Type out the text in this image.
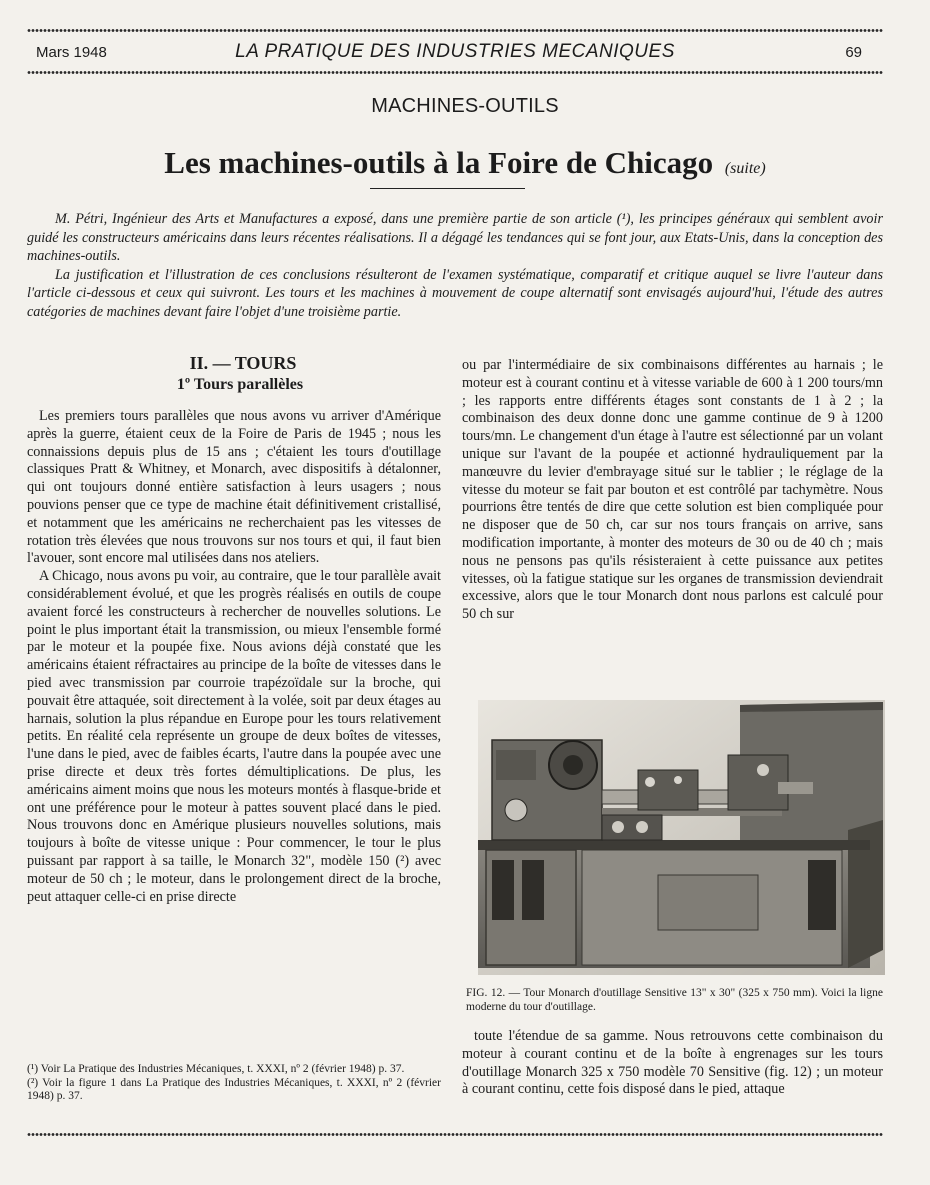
Mars 1948	LA PRATIQUE DES INDUSTRIES MECANIQUES	69
MACHINES-OUTILS
Les machines-outils à la Foire de Chicago (suite)

M. Pétri, Ingénieur des Arts et Manufactures a exposé, dans une première partie de son article (¹), les principes généraux qui semblent avoir guidé les constructeurs américains dans leurs récentes réalisations. Il a dégagé les tendances qui se font jour, aux Etats-Unis, dans la conception des machines-outils.

La justification et l'illustration de ces conclusions résulteront de l'examen systématique, comparatif et critique auquel se livre l'auteur dans l'article ci-dessous et ceux qui suivront. Les tours et les machines à mouvement de coupe alternatif sont envisagés aujourd'hui, l'étude des autres catégories de machines devant faire l'objet d'une troisième partie.

II. — TOURS
1º Tours parallèles

Les premiers tours parallèles que nous avons vu arriver d'Amérique après la guerre, étaient ceux de la Foire de Paris de 1945 ; nous les connaissions depuis plus de 15 ans ; c'étaient les tours d'outillage classiques Pratt & Whitney, et Monarch, avec dispositifs à détalonner, qui ont toujours donné entière satisfaction à leurs usagers ; nous pouvions penser que ce type de machine était définitivement cristallisé, et notamment que les américains ne recherchaient pas les vitesses de rotation très élevées que nous trouvons sur nos tours et qui, il faut bien l'avouer, sont encore mal utilisées dans nos ateliers.

A Chicago, nous avons pu voir, au contraire, que le tour parallèle avait considérablement évolué, et que les progrès réalisés en outils de coupe avaient forcé les constructeurs à rechercher de nouvelles solutions. Le point le plus important était la transmission, ou mieux l'ensemble formé par le moteur et la poupée fixe. Nous avions déjà constaté que les américains étaient réfractaires au principe de la boîte de vitesses dans le pied avec transmission par courroie trapézoïdale sur la broche, qui pouvait être attaquée, soit directement à la volée, soit par deux étages au harnais, solution la plus répandue en Europe pour les tours relativement petits. En réalité cela représente un groupe de deux boîtes de vitesses, l'une dans le pied, avec de faibles écarts, l'autre dans la poupée avec une prise directe et deux très fortes démultiplications. De plus, les américains aiment moins que nous les moteurs montés à flasque-bride et ont une préférence pour le moteur à pattes souvent placé dans le pied. Nous trouvons donc en Amérique plusieurs nouvelles solutions, mais toujours à boîte de vitesse unique : Pour commencer, le tour le plus puissant par rapport à sa taille, le Monarch 32", modèle 150 (²) avec moteur de 50 ch ; le moteur, dans le prolongement direct de la broche, peut attaquer celle-ci en prise directe

(¹) Voir La Pratique des Industries Mécaniques, t. XXXI, nº 2 (février 1948) p. 37.

(²) Voir la figure 1 dans La Pratique des Industries Mécaniques, t. XXXI, nº 2 (février 1948) p. 37.

ou par l'intermédiaire de six combinaisons différentes au harnais ; le moteur est à courant continu et à vitesse variable de 600 à 1 200 tours/mn ; les rapports entre différents étages sont constants de 1 à 2 ; la combinaison des deux donne donc une gamme continue de 9 à 1200 tours/mn. Le changement d'un étage à l'autre est sélectionné par un volant unique sur l'avant de la poupée et actionné hydrauliquement par la manœuvre du levier d'embrayage situé sur le tablier ; le réglage de la vitesse du moteur se fait par bouton et est contrôlé par tachymètre. Nous pourrions être tentés de dire que cette solution est bien compliquée pour ne disposer que de 50 ch, car sur nos tours français on arrive, sans modification importante, à monter des moteurs de 30 ou de 40 ch ; mais nous ne pensons pas qu'ils résisteraient à cette puissance aux petites vitesses, où la fatigue statique sur les organes de transmission deviendrait excessive, alors que le tour Monarch dont nous parlons est calculé pour 50 ch sur

FIG. 12. — Tour Monarch d'outillage Sensitive 13" x 30" (325 x 750 mm). Voici la ligne moderne du tour d'outillage.

toute l'étendue de sa gamme. Nous retrouvons cette combinaison du moteur à courant continu et de la boîte à engrenages sur les tours d'outillage Monarch 325 x 750 modèle 70 Sensitive (fig. 12) ; un moteur à courant continu, cette fois disposé dans le pied, attaque
